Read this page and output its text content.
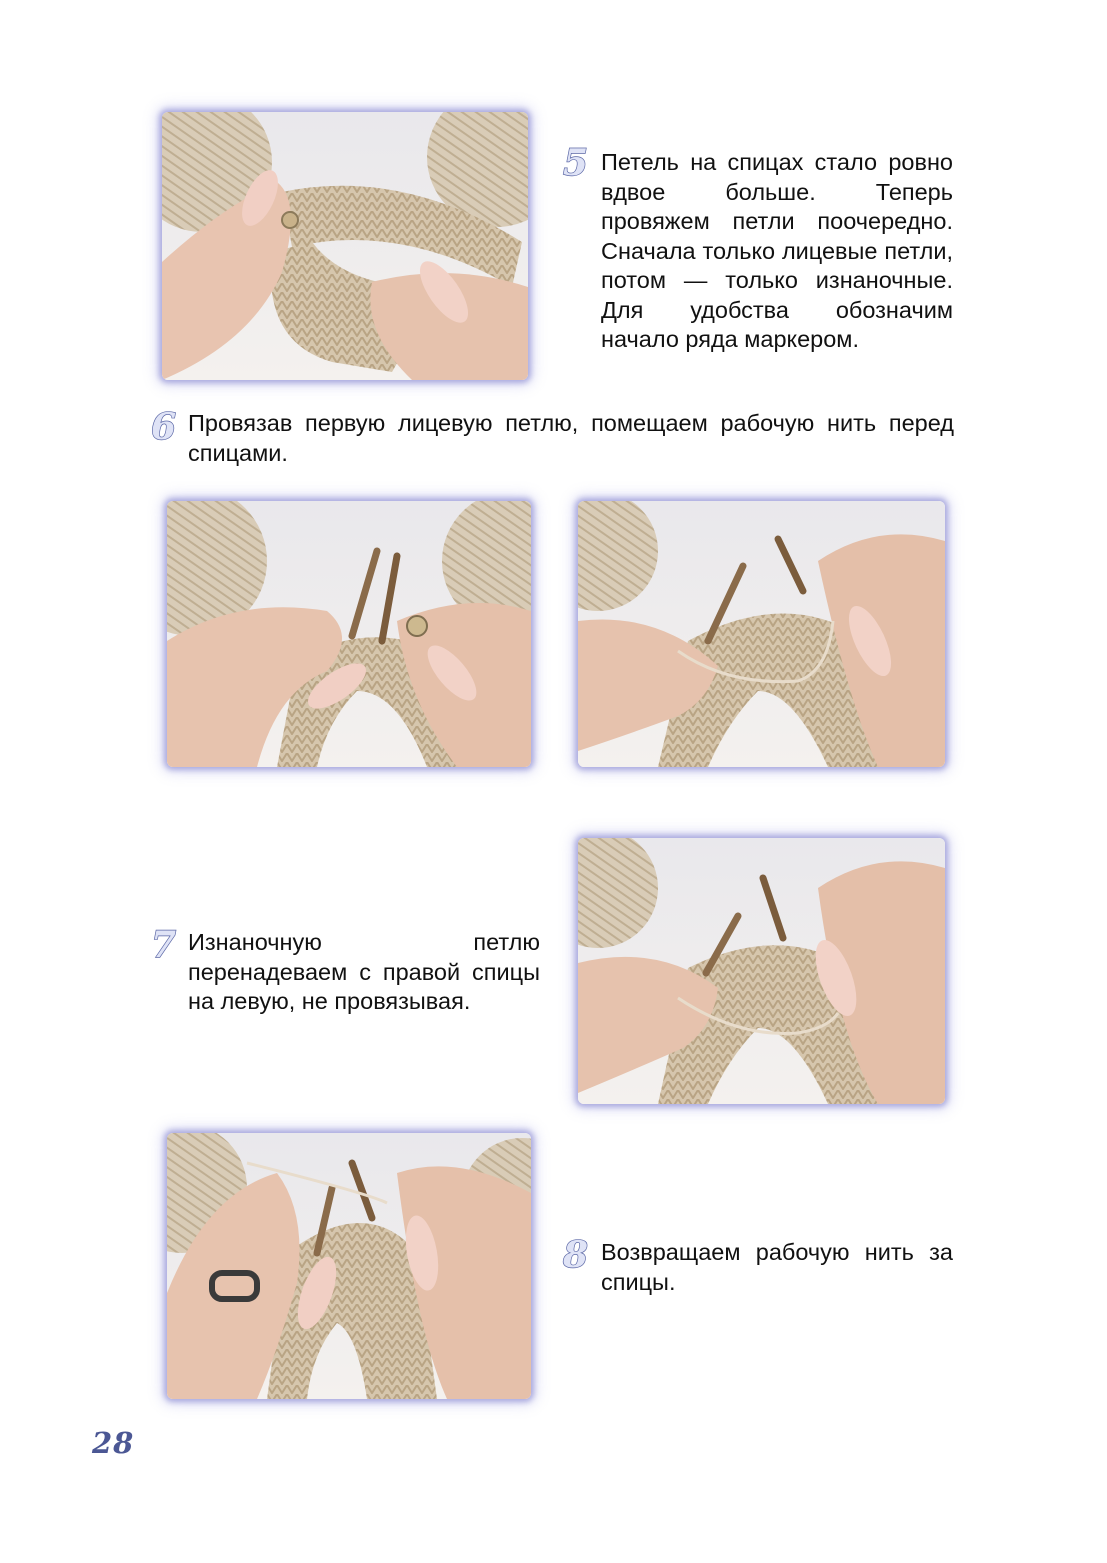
5 Петель на спицах стало ровно вдвое больше. Теперь провяжем петли поочередно. Сначала только лицевые петли, потом — только изнаночные. Для удобства обозначим начало ряда маркером.

6 Провязав первую лицевую петлю, помещаем рабочую нить перед спицами.

7 Изнаночную петлю перенадеваем с правой спицы на левую, не провязывая.

8 Возвращаем рабочую нить за спицы.

28
